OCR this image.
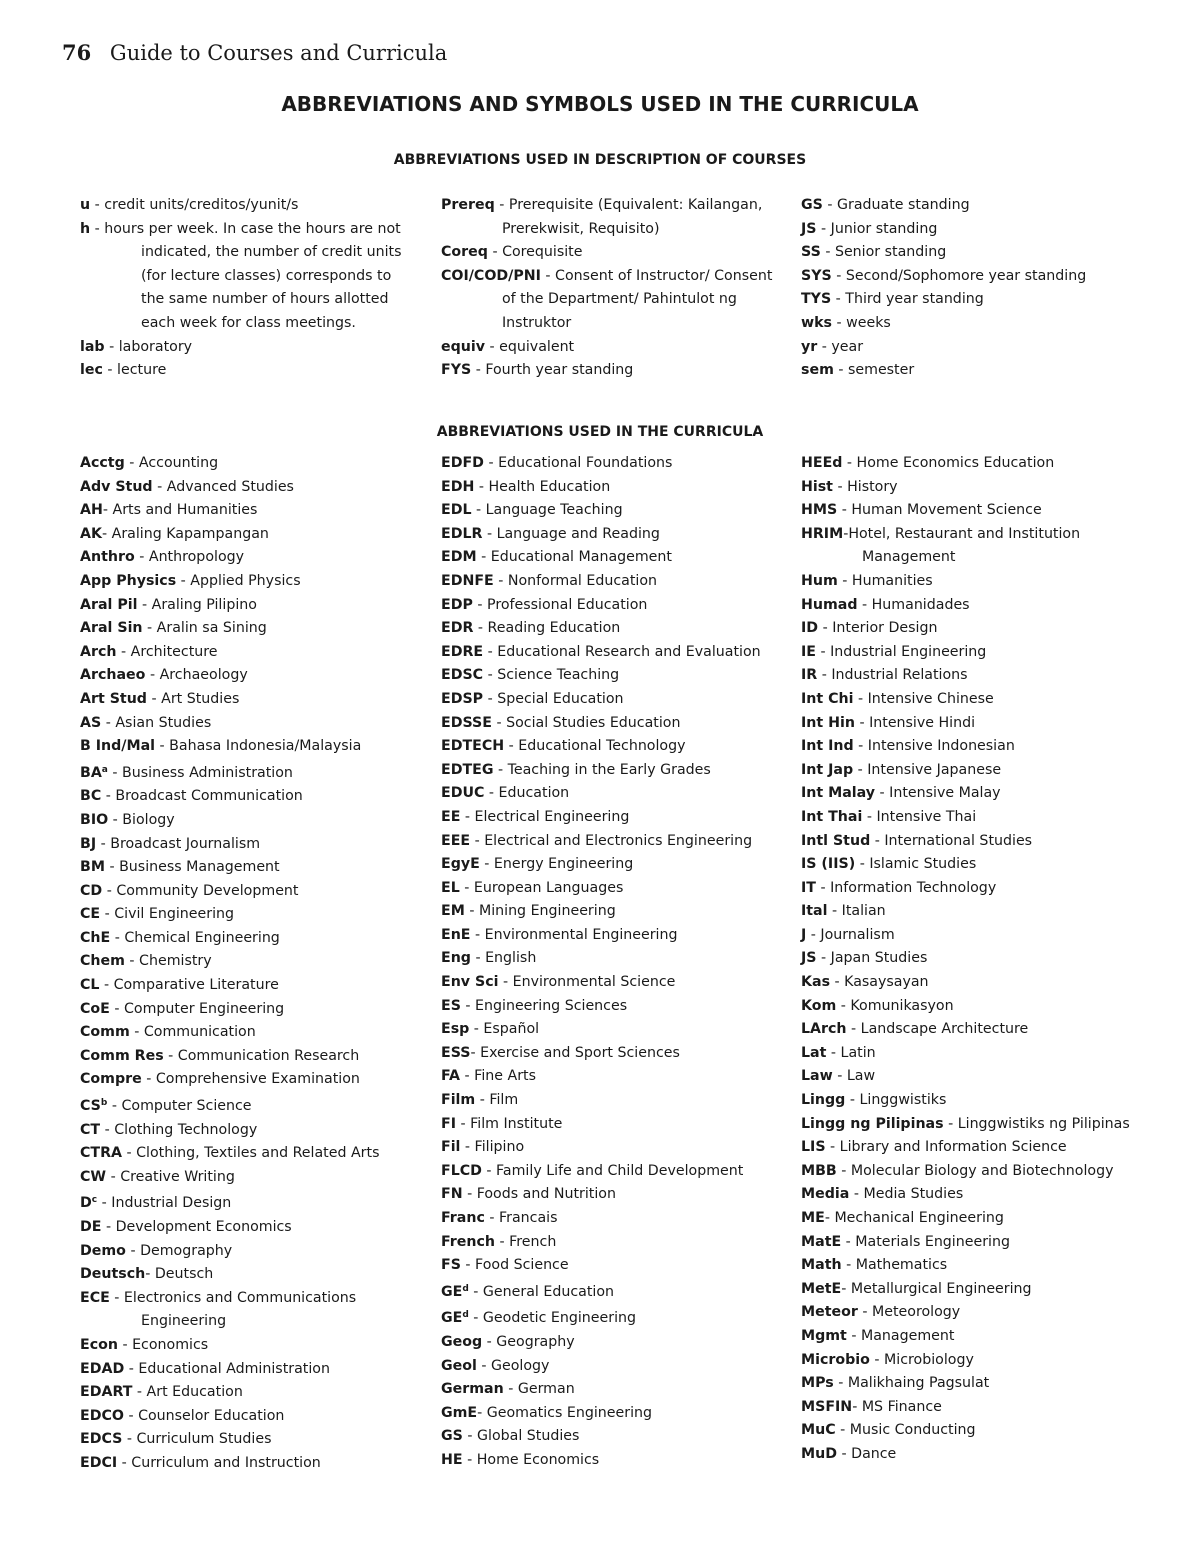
76 Guide to Courses and Curricula
ABBREVIATIONS AND SYMBOLS USED IN THE CURRICULA
ABBREVIATIONS USED IN DESCRIPTION OF COURSES
u - credit units/creditos/yunit/s
h - hours per week. In case the hours are not indicated, the number of credit units (for lecture classes) corresponds to the same number of hours allotted each week for class meetings.
lab - laboratory
lec - lecture
Prereq - Prerequisite (Equivalent: Kailangan, Prerekwisit, Requisito)
Coreq - Corequisite
COI/COD/PNI - Consent of Instructor/ Consent of the Department/ Pahintulot ng Instruktor
equiv - equivalent
FYS - Fourth year standing
GS - Graduate standing
JS - Junior standing
SS - Senior standing
SYS - Second/Sophomore year standing
TYS - Third year standing
wks - weeks
yr - year
sem - semester
ABBREVIATIONS USED IN THE CURRICULA
Acctg - Accounting
Adv Stud - Advanced Studies
AH- Arts and Humanities
AK- Araling Kapampangan
Anthro - Anthropology
App Physics - Applied Physics
Aral Pil - Araling Pilipino
Aral Sin - Aralin sa Sining
Arch - Architecture
Archaeo - Archaeology
Art Stud - Art Studies
AS - Asian Studies
B Ind/Mal - Bahasa Indonesia/Malaysia
$BA^a$ - Business Administration
BC - Broadcast Communication
BIO - Biology
BJ - Broadcast Journalism
BM - Business Management
CD - Community Development
CE - Civil Engineering
ChE - Chemical Engineering
Chem - Chemistry
CL - Comparative Literature
CoE - Computer Engineering
Comm - Communication
Comm Res - Communication Research
Compre - Comprehensive Examination
$CS^b$ - Computer Science
CT - Clothing Technology
CTRA - Clothing, Textiles and Related Arts
CW - Creative Writing
$D^c$ - Industrial Design
DE - Development Economics
Demo - Demography
Deutsch- Deutsch
ECE - Electronics and Communications Engineering
Econ - Economics
EDAD - Educational Administration
EDART - Art Education
EDCO - Counselor Education
EDCS - Curriculum Studies
EDCI - Curriculum and Instruction
EDFD - Educational Foundations
EDH - Health Education
EDL - Language Teaching
EDLR - Language and Reading
EDM - Educational Management
EDNFE - Nonformal Education
EDP - Professional Education
EDR - Reading Education
EDRE - Educational Research and Evaluation
EDSC - Science Teaching
EDSP - Special Education
EDSSE - Social Studies Education
EDTECH - Educational Technology
EDTEG - Teaching in the Early Grades
EDUC - Education
EE - Electrical Engineering
EEE - Electrical and Electronics Engineering
EgyE - Energy Engineering
EL - European Languages
EM - Mining Engineering
EnE - Environmental Engineering
Eng - English
Env Sci - Environmental Science
ES - Engineering Sciences
Esp - Español
ESS- Exercise and Sport Sciences
FA - Fine Arts
Film - Film
FI - Film Institute
Fil - Filipino
FLCD - Family Life and Child Development
FN - Foods and Nutrition
Franc - Francais
French - French
FS - Food Science
$GE^d$ - General Education
$GE^d$ - Geodetic Engineering
Geog - Geography
Geol - Geology
German - German
GmE- Geomatics Engineering
GS - Global Studies
HE - Home Economics
HEEd - Home Economics Education
Hist - History
HMS - Human Movement Science
HRIM-Hotel, Restaurant and Institution Management
Hum - Humanities
Humad - Humanidades
ID - Interior Design
IE - Industrial Engineering
IR - Industrial Relations
Int Chi - Intensive Chinese
Int Hin - Intensive Hindi
Int Ind - Intensive Indonesian
Int Jap - Intensive Japanese
Int Malay - Intensive Malay
Int Thai - Intensive Thai
Intl Stud - International Studies
IS (IIS) - Islamic Studies
IT - Information Technology
Ital - Italian
J - Journalism
JS - Japan Studies
Kas - Kasaysayan
Kom - Komunikasyon
LArch - Landscape Architecture
Lat - Latin
Law - Law
Lingg - Linggwistiks
Lingg ng Pilipinas - Linggwistiks ng Pilipinas
LIS - Library and Information Science
MBB - Molecular Biology and Biotechnology
Media - Media Studies
ME- Mechanical Engineering
MatE - Materials Engineering
Math - Mathematics
MetE- Metallurgical Engineering
Meteor - Meteorology
Mgmt - Management
Microbio - Microbiology
MPs - Malikhaing Pagsulat
MSFIN- MS Finance
MuC - Music Conducting
MuD - Dance
